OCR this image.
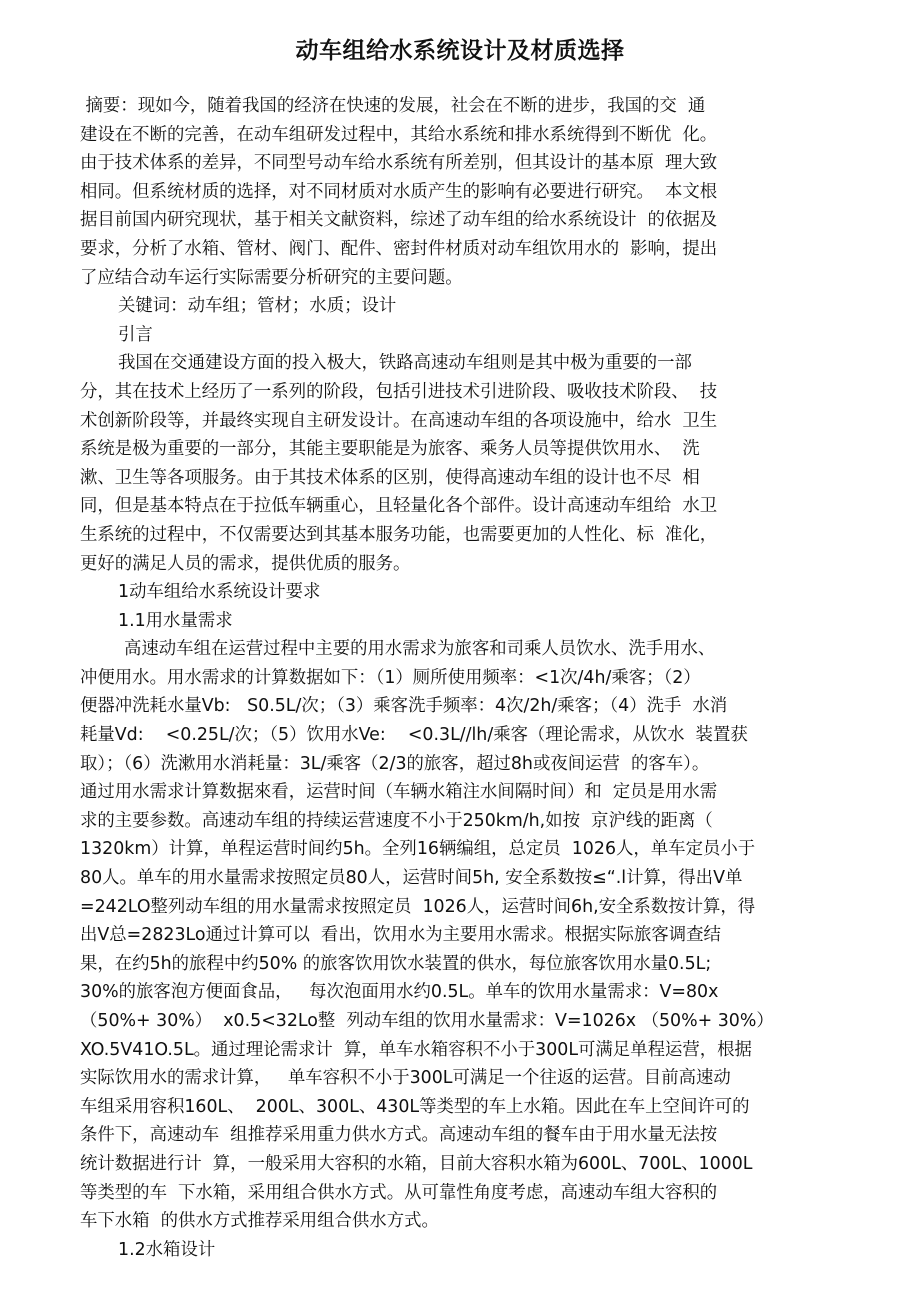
动车组给水系统设计及材质选择
摘要：现如今，随着我国的经济在快速的发展，社会在不断的进步，我国的交  通
建设在不断的完善，在动车组研发过程中，其给水系统和排水系统得到不断优  化。
由于技术体系的差异，不同型号动车给水系统有所差别，但其设计的基本原  理大致
相同。但系统材质的选择，对不同材质对水质产生的影响有必要进行研究。  本文根
据目前国内研究现状，基于相关文献资料，综述了动车组的给水系统设计  的依据及
要求，分析了水箱、管材、阀门、配件、密封件材质对动车组饮用水的  影响，提出
了应结合动车运行实际需要分析研究的主要问题。
关键词：动车组；管材；水质；设计
引言
我国在交通建设方面的投入极大，铁路高速动车组则是其中极为重要的一部
分，其在技术上经历了一系列的阶段，包括引进技术引进阶段、吸收技术阶段、  技
术创新阶段等，并最终实现自主研发设计。在高速动车组的各项设施中，给水  卫生
系统是极为重要的一部分，其能主要职能是为旅客、乘务人员等提供饮用水、  洗
漱、卫生等各项服务。由于其技术体系的区别，使得高速动车组的设计也不尽  相
同，但是基本特点在于拉低车辆重心，且轻量化各个部件。设计高速动车组给  水卫
生系统的过程中，不仅需要达到其基本服务功能，也需要更加的人性化、标  准化，
更好的满足人员的需求，提供优质的服务。
1动车组给水系统设计要求
1.1用水量需求
高速动车组在运营过程中主要的用水需求为旅客和司乘人员饮水、洗手用水、
冲便用水。用水需求的计算数据如下：（1）厕所使用频率：<1次/4h/乘客；（2）
便器冲洗耗水量Vb:   S0.5L/次；（3）乘客洗手频率：4次/2h/乘客；（4）洗手  水消
耗量Vd:    <0.25L/次；（5）饮用水Ve:    <0.3L//lh/乘客（理论需求，从饮水  装置获
取）；（6）洗漱用水消耗量：3L/乘客（2/3的旅客，超过8h或夜间运营  的客车）。
通过用水需求计算数据來看，运营时间（车辆水箱注水间隔时间）和  定员是用水需
求的主要参数。高速动车组的持续运营速度不小于250km/h,如按  京沪线的距离（
1320km）计算，单程运营时间约5h。全列16辆编组，总定员  1026人，单车定员小于
80人。单车的用水量需求按照定员80人，运营时间5h, 安全系数按≤“.l计算，得出V单
=242LO整列动车组的用水量需求按照定员  1026人，运营时间6h,安全系数按计算，得
出V总=2823Lo通过计算可以  看出，饮用水为主要用水需求。根据实际旅客调查结
果，在约5h的旅程中约50% 的旅客饮用饮水装置的供水，每位旅客饮用水量0.5L;
30%的旅客泡方便面食品，   每次泡面用水约0.5L。单车的饮用水量需求：V=80x
（50%+ 30%）  x0.5<32Lo整  列动车组的饮用水量需求：V=1026x （50%+ 30%）
XO.5V41O.5L。通过理论需求计  算，单车水箱容积不小于300L可满足单程运营，根据
实际饮用水的需求计算，   单车容积不小于300L可满足一个往返的运营。目前高速动
车组采用容积160L、  200L、300L、430L等类型的车上水箱。因此在车上空间许可的
条件下，高速动车  组推荐采用重力供水方式。高速动车组的餐车由于用水量无法按
统计数据进行计  算，一般采用大容积的水箱，目前大容积水箱为600L、700L、1000L
等类型的车  下水箱，采用组合供水方式。从可靠性角度考虑，高速动车组大容积的
车下水箱  的供水方式推荐采用组合供水方式。
1.2水箱设计
